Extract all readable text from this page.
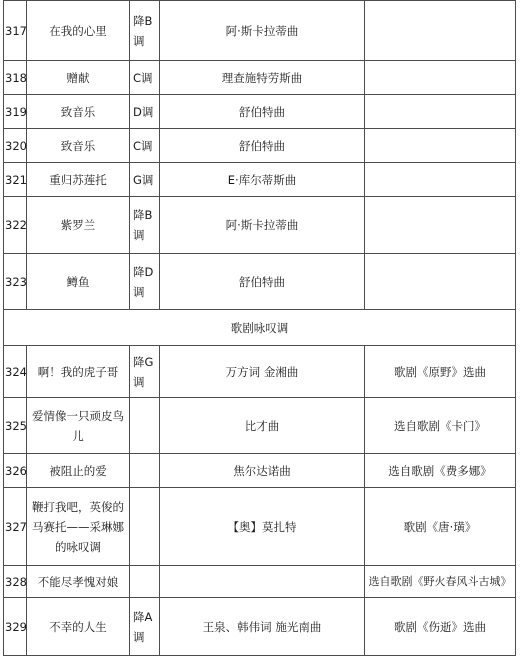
317	在我的心里	降B调	阿·斯卡拉蒂曲	
318	赠献	C调	理查施特劳斯曲	
319	致音乐	D调	舒伯特曲	
320	致音乐	C调	舒伯特曲	
321	重归苏莲托	G调	E·库尔蒂斯曲	
322	紫罗兰	降B调	阿·斯卡拉蒂曲	
323	鳟鱼	降D调	舒伯特曲	
歌剧咏叹调				
324	啊！我的虎子哥	降G调	万方词 金湘曲	歌剧《原野》选曲
325	爱情像一只顽皮鸟儿		比才曲	选自歌剧《卡门》
326	被阻止的爱		焦尔达诺曲	选自歌剧《费多娜》
327	鞭打我吧，英俊的马赛托——采琳娜的咏叹调		【奥】莫扎特	歌剧《唐·璜》
328	不能尽孝愧对娘			选自歌剧《野火春风斗古城》
329	不幸的人生	降A调	王泉、韩伟词 施光南曲	歌剧《伤逝》选曲
